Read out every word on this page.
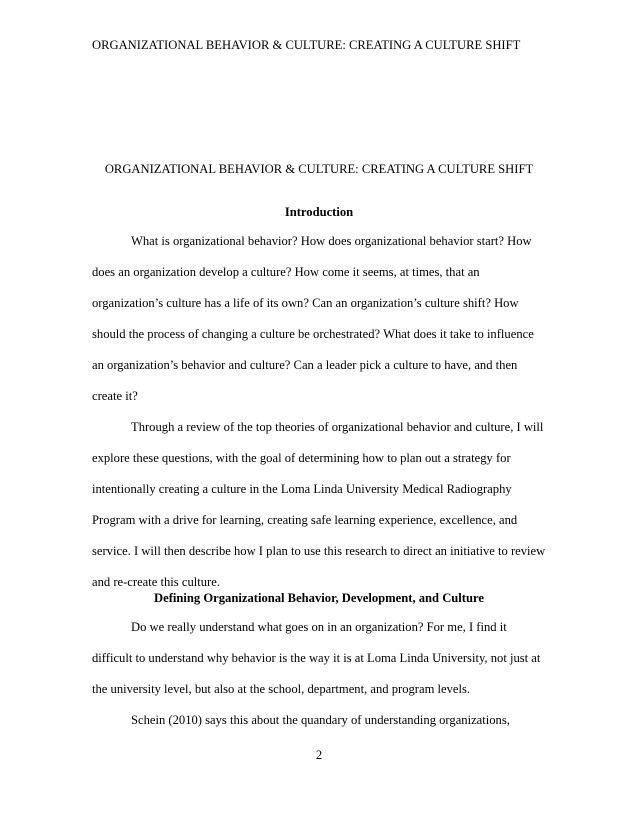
ORGANIZATIONAL BEHAVIOR & CULTURE: CREATING A CULTURE SHIFT
ORGANIZATIONAL BEHAVIOR & CULTURE: CREATING A CULTURE SHIFT
Introduction
What is organizational behavior? How does organizational behavior start? How
does an organization develop a culture? How come it seems, at times, that an
organization’s culture has a life of its own? Can an organization’s culture shift? How
should the process of changing a culture be orchestrated? What does it take to influence
an organization’s behavior and culture? Can a leader pick a culture to have, and then
create it?
Through a review of the top theories of organizational behavior and culture, I will
explore these questions, with the goal of determining how to plan out a strategy for
intentionally creating a culture in the Loma Linda University Medical Radiography
Program with a drive for learning, creating safe learning experience, excellence, and
service. I will then describe how I plan to use this research to direct an initiative to review
and re-create this culture.
Defining Organizational Behavior, Development, and Culture
Do we really understand what goes on in an organization? For me, I find it
difficult to understand why behavior is the way it is at Loma Linda University, not just at
the university level, but also at the school, department, and program levels.
Schein (2010) says this about the quandary of understanding organizations,
2
